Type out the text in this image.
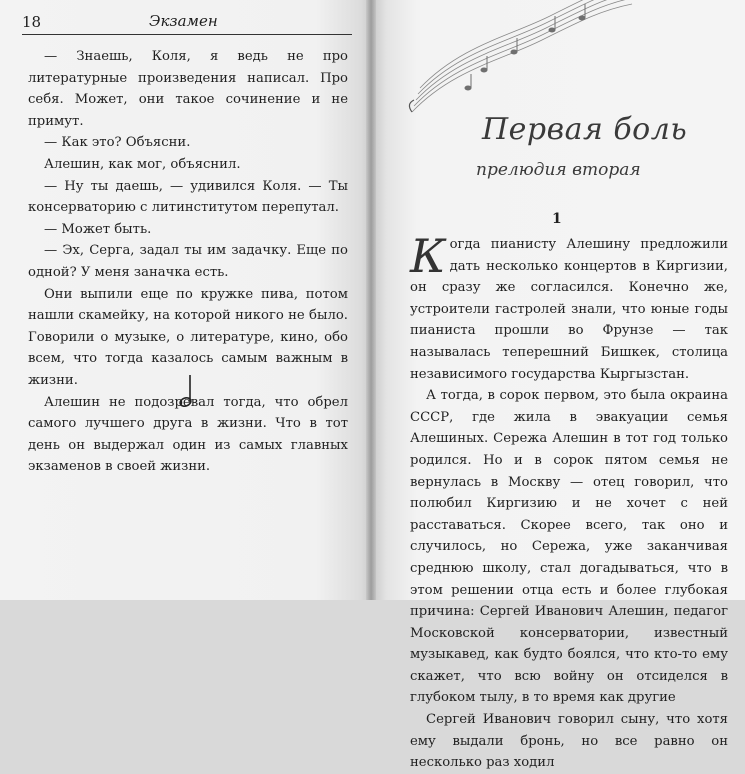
18	Экзамен

— Знаешь, Коля, я ведь не про литературные произведения написал. Про себя. Может, они такое сочинение и не примут.

— Как это? Объясни.

Алешин, как мог, объяснил.

— Ну ты даешь, — удивился Коля. — Ты консерваторию с литинститутом перепутал.

— Может быть.

— Эх, Серга, задал ты им задачку. Еще по одной? У меня заначка есть.

Они выпили еще по кружке пива, потом нашли скамейку, на которой никого не было. Говорили о музыке, о литературе, кино, обо всем, что тогда казалось самым важным в жизни.

Алешин не подозревал тогда, что обрел самого лучшего друга в жизни. Что в тот день он выдержал один из самых главных экзаменов в своей жизни.

Первая боль
прелюдия вторая
1

Когда пианисту Алешину предложили дать несколько концертов в Киргизии, он сразу же согласился. Конечно же, устроители гастролей знали, что юные годы пианиста прошли во Фрунзе — так называлась теперешний Бишкек, столица независимого государства Кыргызстан.

А тогда, в сорок первом, это была окраина СССР, где жила в эвакуации семья Алешиных. Сережа Алешин в тот год только родился. Но и в сорок пятом семья не вернулась в Москву — отец говорил, что полюбил Киргизию и не хочет с ней расставаться. Скорее всего, так оно и случилось, но Сережа, уже заканчивая среднюю школу, стал догадываться, что в этом решении отца есть и более глубокая причина: Сергей Иванович Алешин, педагог Московской консерватории, известный музыкавед, как будто боялся, что кто-то ему скажет, что всю войну он отсиделся в глубоком тылу, в то время как другие

Сергей Иванович говорил сыну, что хотя ему выдали бронь, но все равно он несколько раз ходил
